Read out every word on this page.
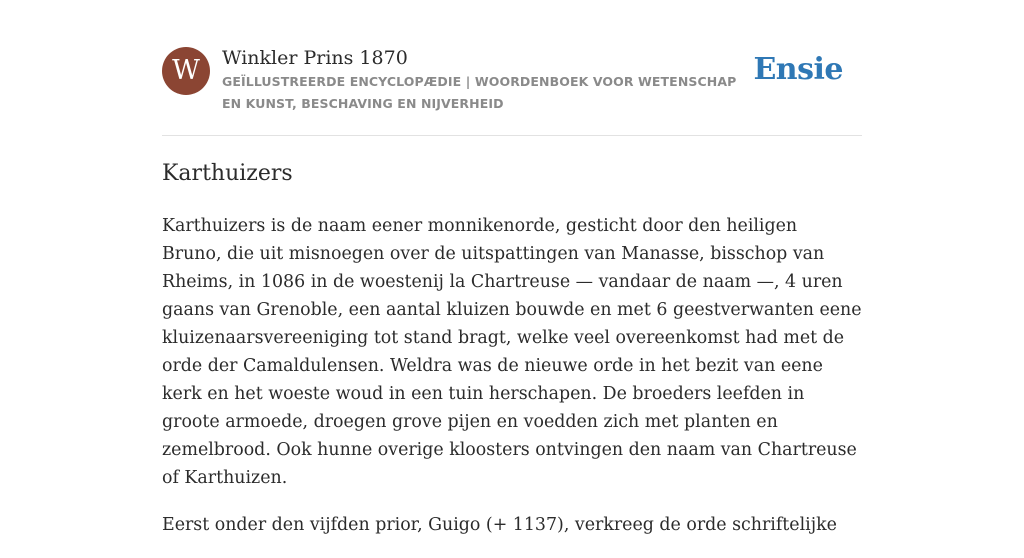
W	Winkler Prins 1870
GEÏLLUSTREERDE ENCYCLOPÆDIE | WOORDENBOEK VOOR WETENSCHAP EN KUNST, BESCHAVING EN NIJVERHEID
Ensie
Karthuizers

Karthuizers is de naam eener monnikenorde, gesticht door den heiligen Bruno, die uit misnoegen over de uitspattingen van Manasse, bisschop van Rheims, in 1086 in de woestenij la Chartreuse — vandaar de naam —, 4 uren gaans van Grenoble, een aantal kluizen bouwde en met 6 geestverwanten eene kluizenaarsvereeniging tot stand bragt, welke veel overeenkomst had met de orde der Camaldulensen. Weldra was de nieuwe orde in het bezit van eene kerk en het woeste woud in een tuin herschapen. De broeders leefden in groote armoede, droegen grove pijen en voedden zich met planten en zemelbrood. Ook hunne overige kloosters ontvingen den naam van Chartreuse of Karthuizen.

Eerst onder den vijfden prior, Guigo (+ 1137), verkreeg de orde schriftelijke
